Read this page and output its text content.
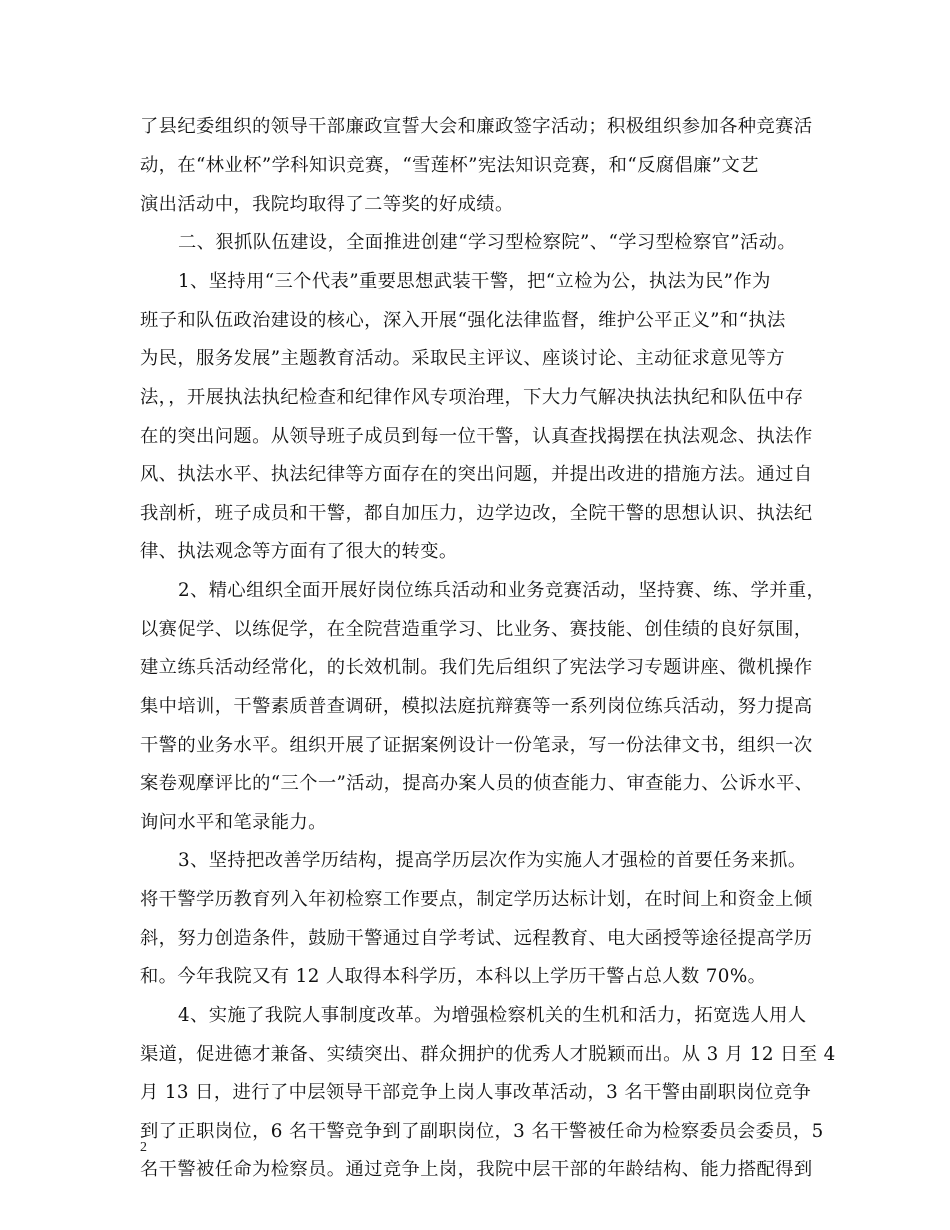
了县纪委组织的领导干部廉政宣誓大会和廉政签字活动；积极组织参加各种竞赛活
动，在“林业杯”学科知识竞赛，“雪莲杯”宪法知识竞赛，和“反腐倡廉”文艺
演出活动中，我院均取得了二等奖的好成绩。
二、狠抓队伍建设，全面推进创建“学习型检察院”、“学习型检察官”活动。
1、坚持用“三个代表”重要思想武装干警，把“立检为公，执法为民”作为
班子和队伍政治建设的核心，深入开展“强化法律监督，维护公平正义”和“执法
为民，服务发展”主题教育活动。采取民主评议、座谈讨论、主动征求意见等方
法，，开展执法执纪检查和纪律作风专项治理，下大力气解决执法执纪和队伍中存
在的突出问题。从领导班子成员到每一位干警，认真查找揭摆在执法观念、执法作
风、执法水平、执法纪律等方面存在的突出问题，并提出改进的措施方法。通过自
我剖析，班子成员和干警，都自加压力，边学边改，全院干警的思想认识、执法纪
律、执法观念等方面有了很大的转变。
2、精心组织全面开展好岗位练兵活动和业务竞赛活动，坚持赛、练、学并重，
以赛促学、以练促学，在全院营造重学习、比业务、赛技能、创佳绩的良好氛围，
建立练兵活动经常化，的长效机制。我们先后组织了宪法学习专题讲座、微机操作
集中培训，干警素质普查调研，模拟法庭抗辩赛等一系列岗位练兵活动，努力提高
干警的业务水平。组织开展了证据案例设计一份笔录，写一份法律文书，组织一次
案卷观摩评比的“三个一”活动，提高办案人员的侦查能力、审查能力、公诉水平、
询问水平和笔录能力。
3、坚持把改善学历结构，提高学历层次作为实施人才强检的首要任务来抓。
将干警学历教育列入年初检察工作要点，制定学历达标计划，在时间上和资金上倾
斜，努力创造条件，鼓励干警通过自学考试、远程教育、电大函授等途径提高学历
和。今年我院又有 12 人取得本科学历，本科以上学历干警占总人数 70%。
4、实施了我院人事制度改革。为增强检察机关的生机和活力，拓宽选人用人
渠道，促进德才兼备、实绩突出、群众拥护的优秀人才脱颖而出。从 3 月 12 日至 4
月 13 日，进行了中层领导干部竞争上岗人事改革活动，3 名干警由副职岗位竞争
到了正职岗位，6 名干警竞争到了副职岗位，3 名干警被任命为检察委员会委员，5
名干警被任命为检察员。通过竞争上岗，我院中层干部的年龄结构、能力搭配得到
2
